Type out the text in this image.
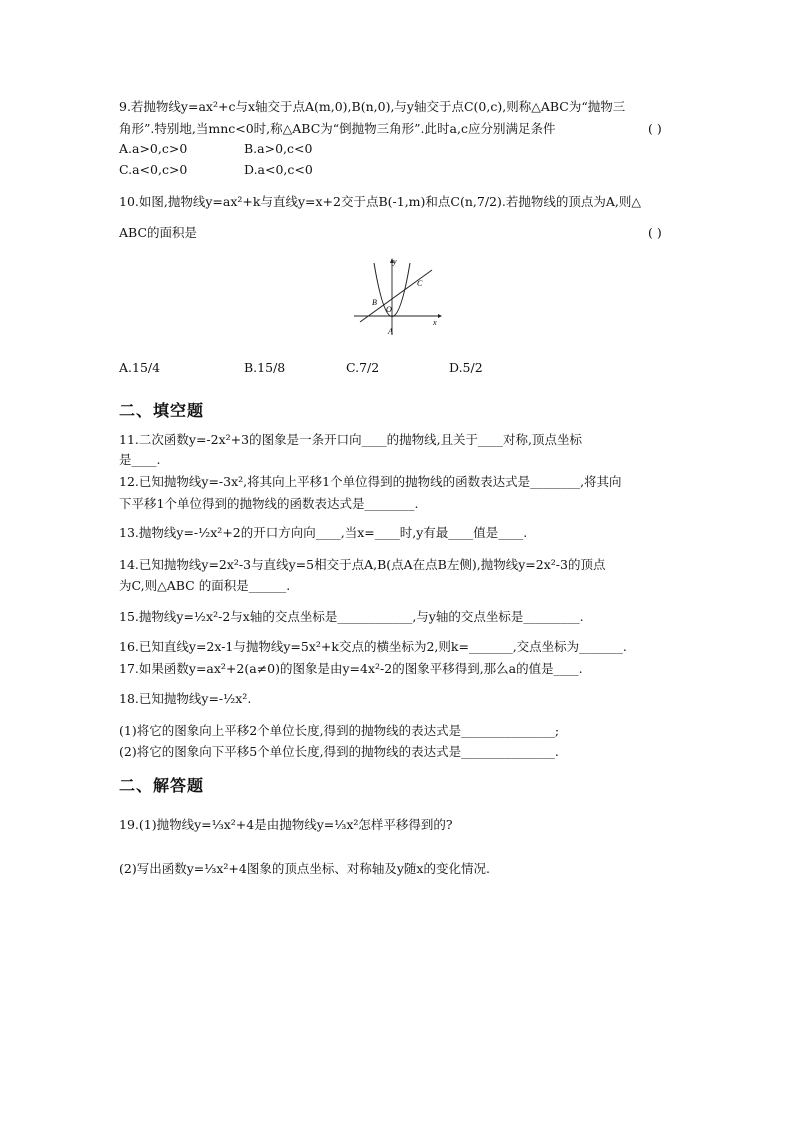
9.若抛物线y=ax²+c与x轴交于点A(m,0),B(n,0),与y轴交于点C(0,c),则称△ABC为“抛物三
角形”.特别地,当mnc<0时,称△ABC为“倒抛物三角形”.此时a,c应分别满足条件	( )
A.a>0,c>0	B.a>0,c<0
C.a<0,c>0	D.a<0,c<0
10.如图,抛物线y=ax²+k与直线y=x+2交于点B(-1,m)和点C(n,7/2).若抛物线的顶点为A,则△
ABC的面积是	( )
y
x
B
O
C
A
A.15/4	B.15/8	C.7/2	D.5/2
二、填空题
11.二次函数y=-2x²+3的图象是一条开口向____的抛物线,且关于____对称,顶点坐标
是____.
12.已知抛物线y=-3x²,将其向上平移1个单位得到的抛物线的函数表达式是________,将其向
下平移1个单位得到的抛物线的函数表达式是________.
13.抛物线y=-½x²+2的开口方向向____,当x=____时,y有最____值是____.
14.已知抛物线y=2x²-3与直线y=5相交于点A,B(点A在点B左侧),抛物线y=2x²-3的顶点
为C,则△ABC 的面积是______.
15.抛物线y=½x²-2与x轴的交点坐标是____________,与y轴的交点坐标是_________.
16.已知直线y=2x-1与抛物线y=5x²+k交点的横坐标为2,则k=_______,交点坐标为_______.
17.如果函数y=ax²+2(a≠0)的图象是由y=4x²-2的图象平移得到,那么a的值是____.
18.已知抛物线y=-½x².
(1)将它的图象向上平移2个单位长度,得到的抛物线的表达式是_______________;
(2)将它的图象向下平移5个单位长度,得到的抛物线的表达式是_______________.
二、解答题
19.(1)抛物线y=⅓x²+4是由抛物线y=⅓x²怎样平移得到的?
(2)写出函数y=⅓x²+4图象的顶点坐标、对称轴及y随x的变化情况.
